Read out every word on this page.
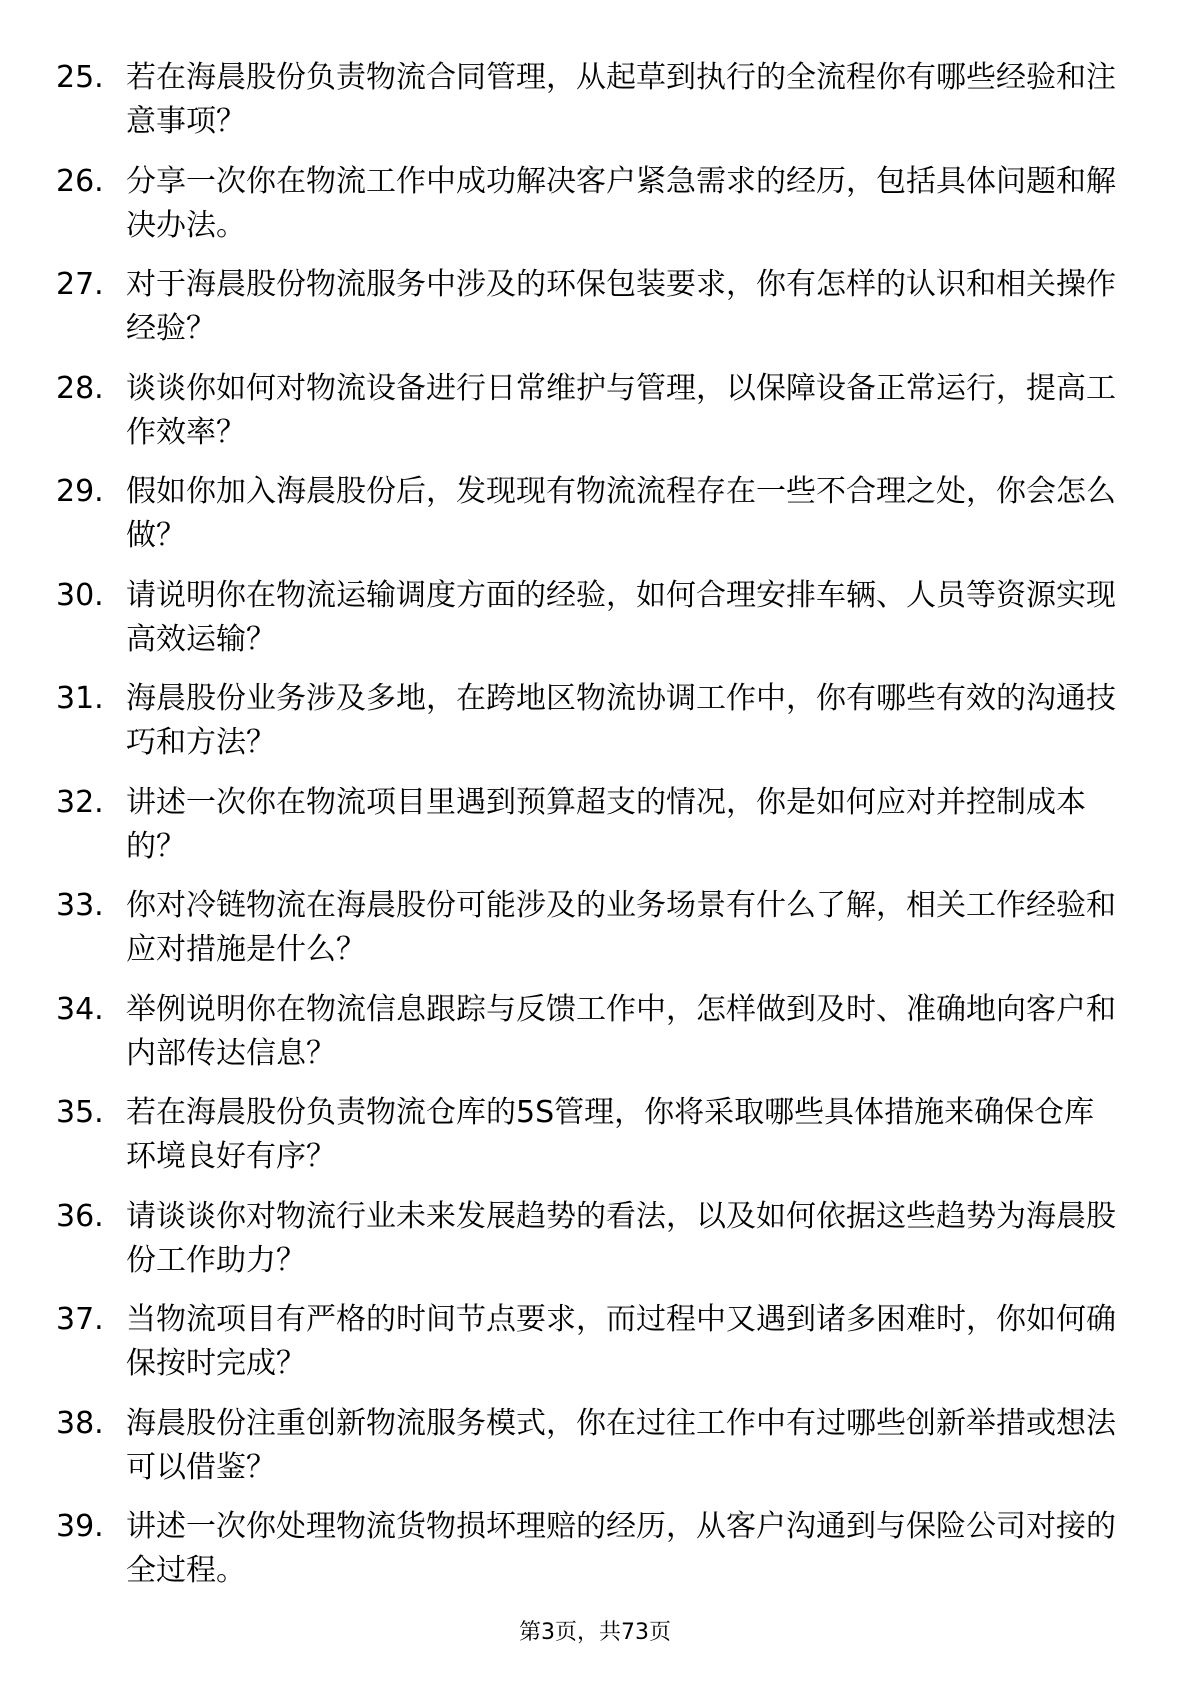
25. 若在海晨股份负责物流合同管理，从起草到执行的全流程你有哪些经验和注意事项？
26. 分享一次你在物流工作中成功解决客户紧急需求的经历，包括具体问题和解决办法。
27. 对于海晨股份物流服务中涉及的环保包装要求，你有怎样的认识和相关操作经验？
28. 谈谈你如何对物流设备进行日常维护与管理，以保障设备正常运行，提高工作效率？
29. 假如你加入海晨股份后，发现现有物流流程存在一些不合理之处，你会怎么做？
30. 请说明你在物流运输调度方面的经验，如何合理安排车辆、人员等资源实现高效运输？
31. 海晨股份业务涉及多地，在跨地区物流协调工作中，你有哪些有效的沟通技巧和方法？
32. 讲述一次你在物流项目里遇到预算超支的情况，你是如何应对并控制成本的？
33. 你对冷链物流在海晨股份可能涉及的业务场景有什么了解，相关工作经验和应对措施是什么？
34. 举例说明你在物流信息跟踪与反馈工作中，怎样做到及时、准确地向客户和内部传达信息？
35. 若在海晨股份负责物流仓库的5S管理，你将采取哪些具体措施来确保仓库环境良好有序？
36. 请谈谈你对物流行业未来发展趋势的看法，以及如何依据这些趋势为海晨股份工作助力？
37. 当物流项目有严格的时间节点要求，而过程中又遇到诸多困难时，你如何确保按时完成？
38. 海晨股份注重创新物流服务模式，你在过往工作中有过哪些创新举措或想法可以借鉴？
39. 讲述一次你处理物流货物损坏理赔的经历，从客户沟通到与保险公司对接的全过程。
第3页，共73页
